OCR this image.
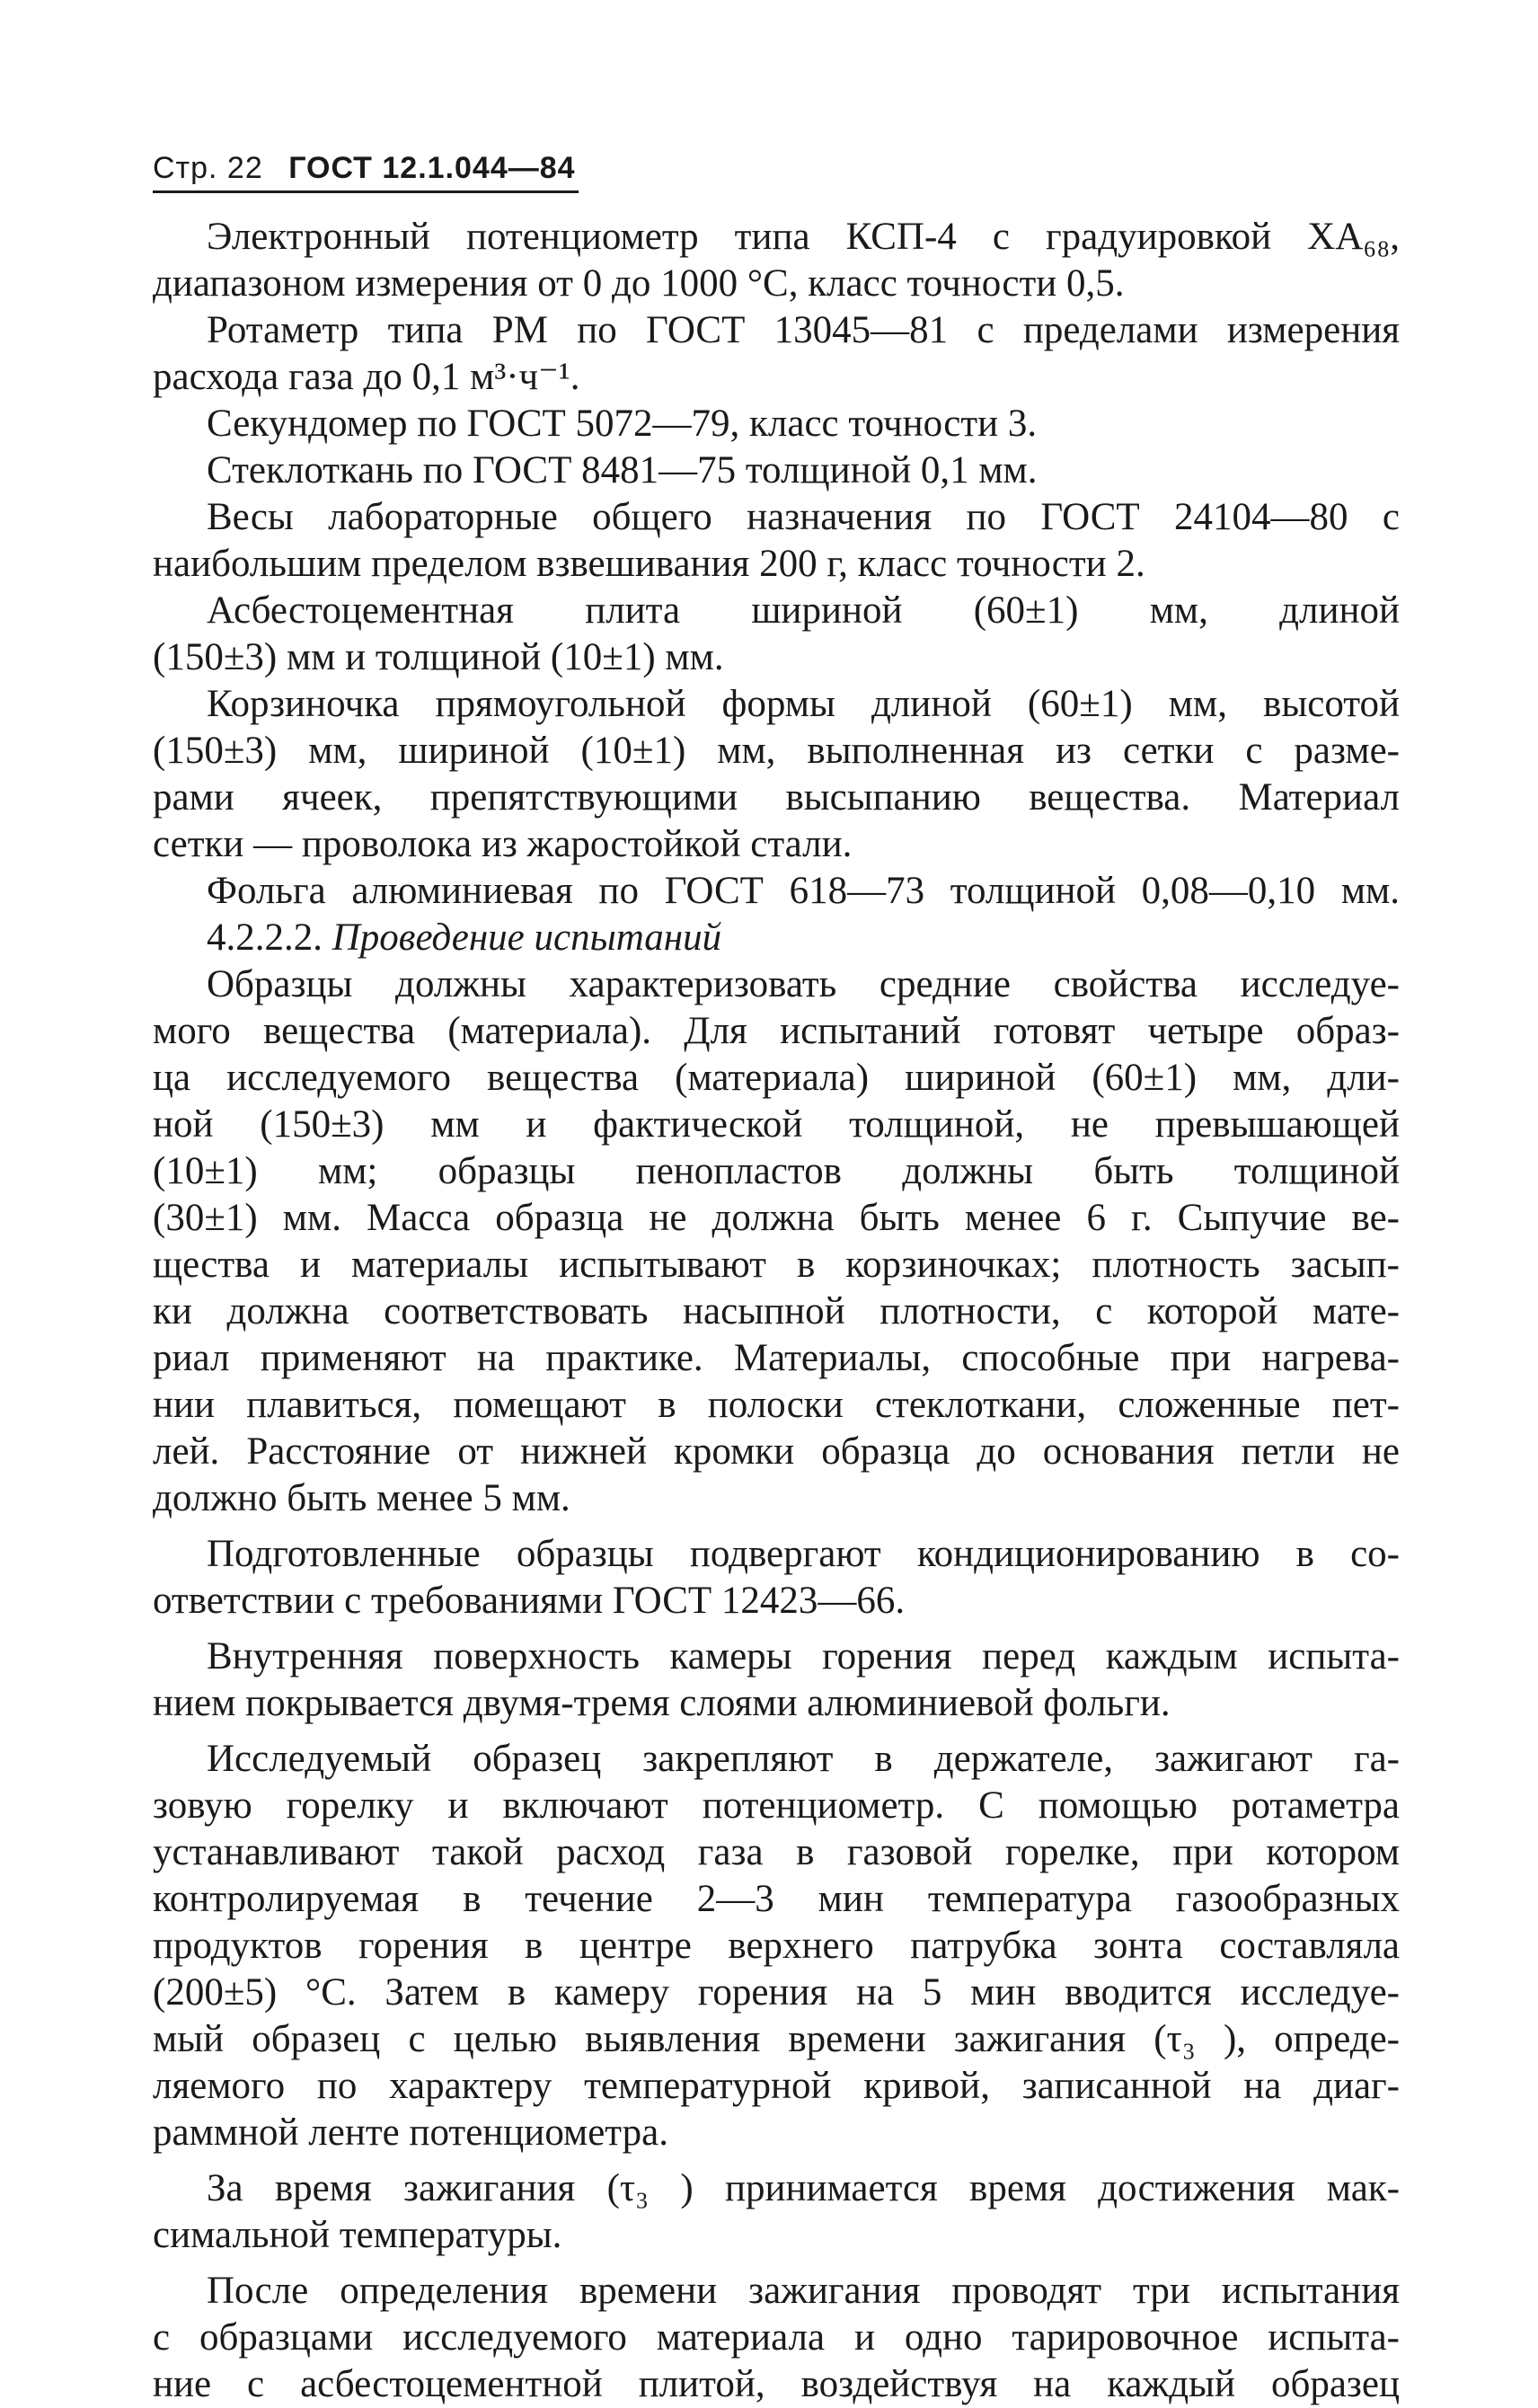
Стр. 22 ГОСТ 12.1.044—84
Электронный потенциометр типа КСП-4 с градуировкой ХА₆₈,
диапазоном измерения от 0 до 1000 °С, класс точности 0,5.
Ротаметр типа РМ по ГОСТ 13045—81 с пределами измерения
расхода газа до 0,1 м³·ч⁻¹.
Секундомер по ГОСТ 5072—79, класс точности 3.
Стеклоткань по ГОСТ 8481—75 толщиной 0,1 мм.
Весы лабораторные общего назначения по ГОСТ 24104—80 с
наибольшим пределом взвешивания 200 г, класс точности 2.
Асбестоцементная плита шириной (60±1) мм, длиной
(150±3) мм и толщиной (10±1) мм.
Корзиночка прямоугольной формы длиной (60±1) мм, высотой
(150±3) мм, шириной (10±1) мм, выполненная из сетки с разме-
рами ячеек, препятствующими высыпанию вещества. Материал
сетки — проволока из жаростойкой стали.
Фольга алюминиевая по ГОСТ 618—73 толщиной 0,08—0,10 мм.
4.2.2.2. Проведение испытаний
Образцы должны характеризовать средние свойства исследуе-
мого вещества (материала). Для испытаний готовят четыре образ-
ца исследуемого вещества (материала) шириной (60±1) мм, дли-
ной (150±3) мм и фактической толщиной, не превышающей
(10±1) мм; образцы пенопластов должны быть толщиной
(30±1) мм. Масса образца не должна быть менее 6 г. Сыпучие ве-
щества и материалы испытывают в корзиночках; плотность засып-
ки должна соответствовать насыпной плотности, с которой мате-
риал применяют на практике. Материалы, способные при нагрева-
нии плавиться, помещают в полоски стеклоткани, сложенные пет-
лей. Расстояние от нижней кромки образца до основания петли не
должно быть менее 5 мм.
Подготовленные образцы подвергают кондиционированию в со-
ответствии с требованиями ГОСТ 12423—66.
Внутренняя поверхность камеры горения перед каждым испыта-
нием покрывается двумя-тремя слоями алюминиевой фольги.
Исследуемый образец закрепляют в держателе, зажигают га-
зовую горелку и включают потенциометр. С помощью ротаметра
устанавливают такой расход газа в газовой горелке, при котором
контролируемая в течение 2—3 мин температура газообразных
продуктов горения в центре верхнего патрубка зонта составляла
(200±5) °С. Затем в камеру горения на 5 мин вводится исследуе-
мый образец с целью выявления времени зажигания (τ₃ ), опреде-
ляемого по характеру температурной кривой, записанной на диаг-
раммной ленте потенциометра.
За время зажигания (τ₃ ) принимается время достижения мак-
симальной температуры.
После определения времени зажигания проводят три испытания
с образцами исследуемого материала и одно тарировочное испыта-
ние с асбестоцементной плитой, воздействуя на каждый образец
